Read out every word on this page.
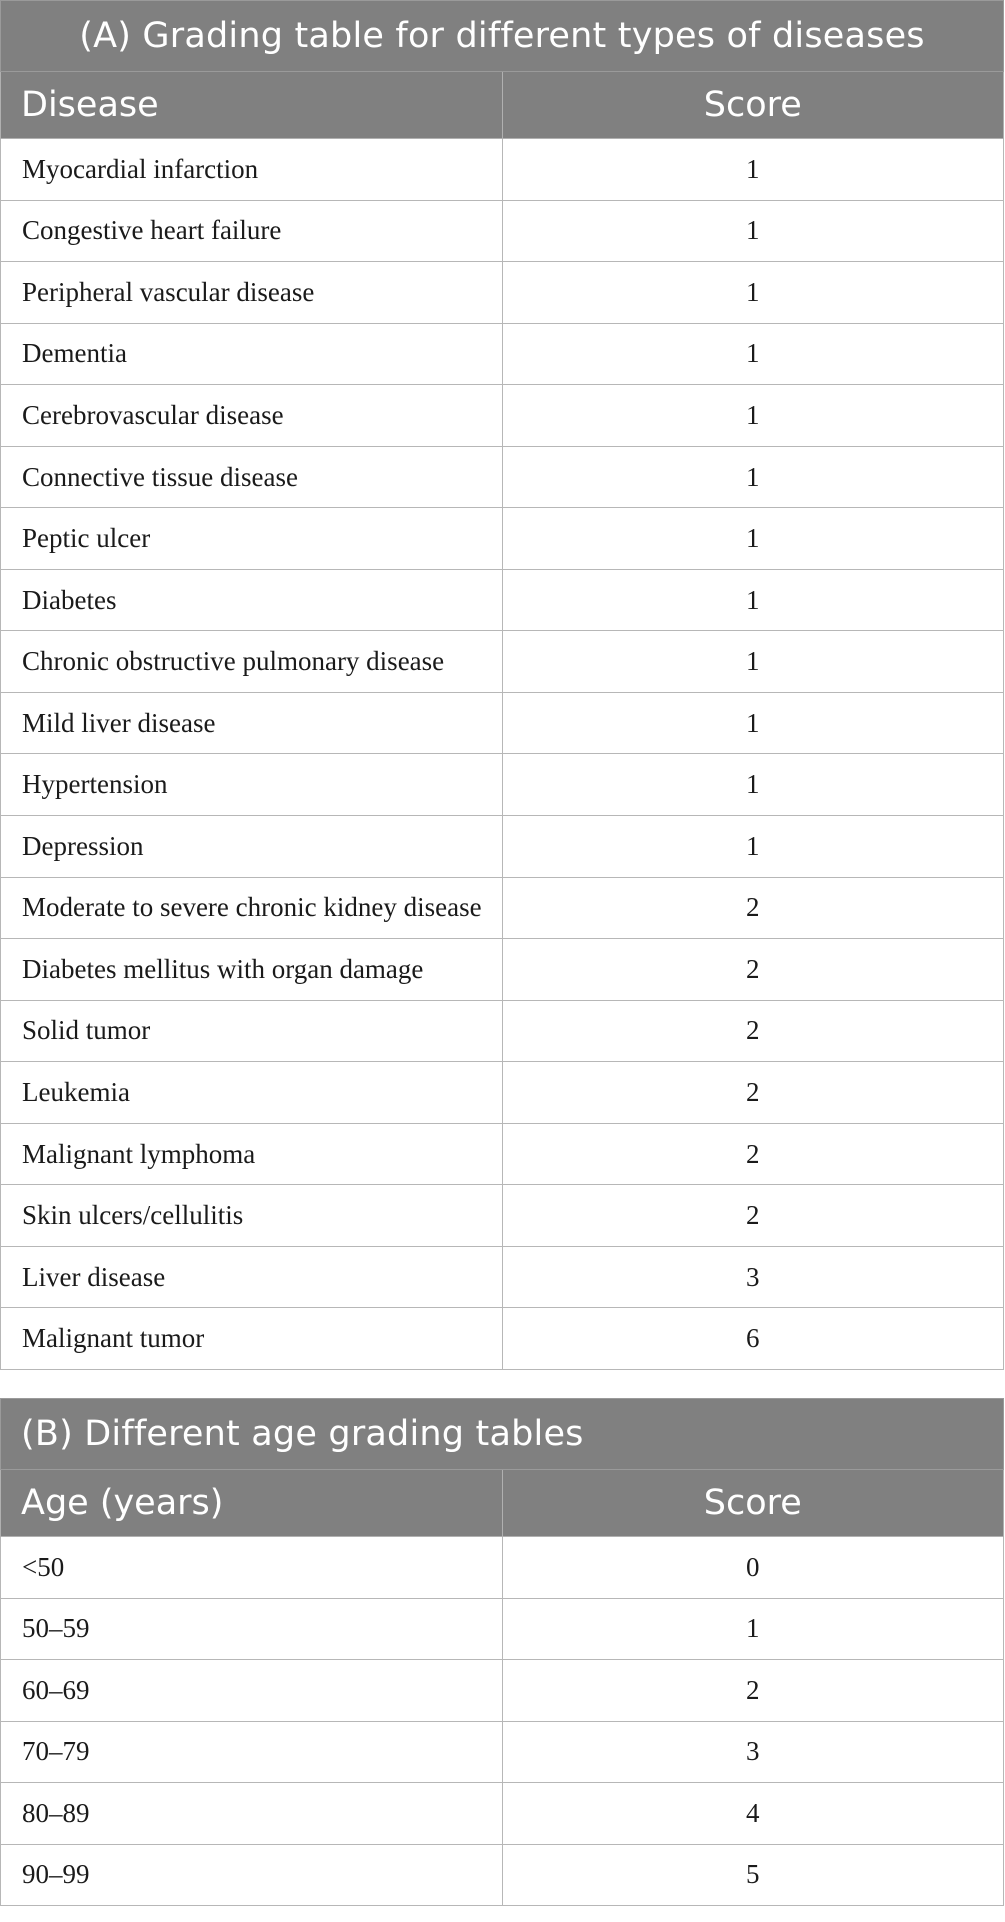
(A) Grading table for different types of diseases	
Disease	Score
Myocardial infarction	1
Congestive heart failure	1
Peripheral vascular disease	1
Dementia	1
Cerebrovascular disease	1
Connective tissue disease	1
Peptic ulcer	1
Diabetes	1
Chronic obstructive pulmonary disease	1
Mild liver disease	1
Hypertension	1
Depression	1
Moderate to severe chronic kidney disease	2
Diabetes mellitus with organ damage	2
Solid tumor	2
Leukemia	2
Malignant lymphoma	2
Skin ulcers/cellulitis	2
Liver disease	3
Malignant tumor	6
(B) Different age grading tables	
Age (years)	Score
<50	0
50–59	1
60–69	2
70–79	3
80–89	4
90–99	5
